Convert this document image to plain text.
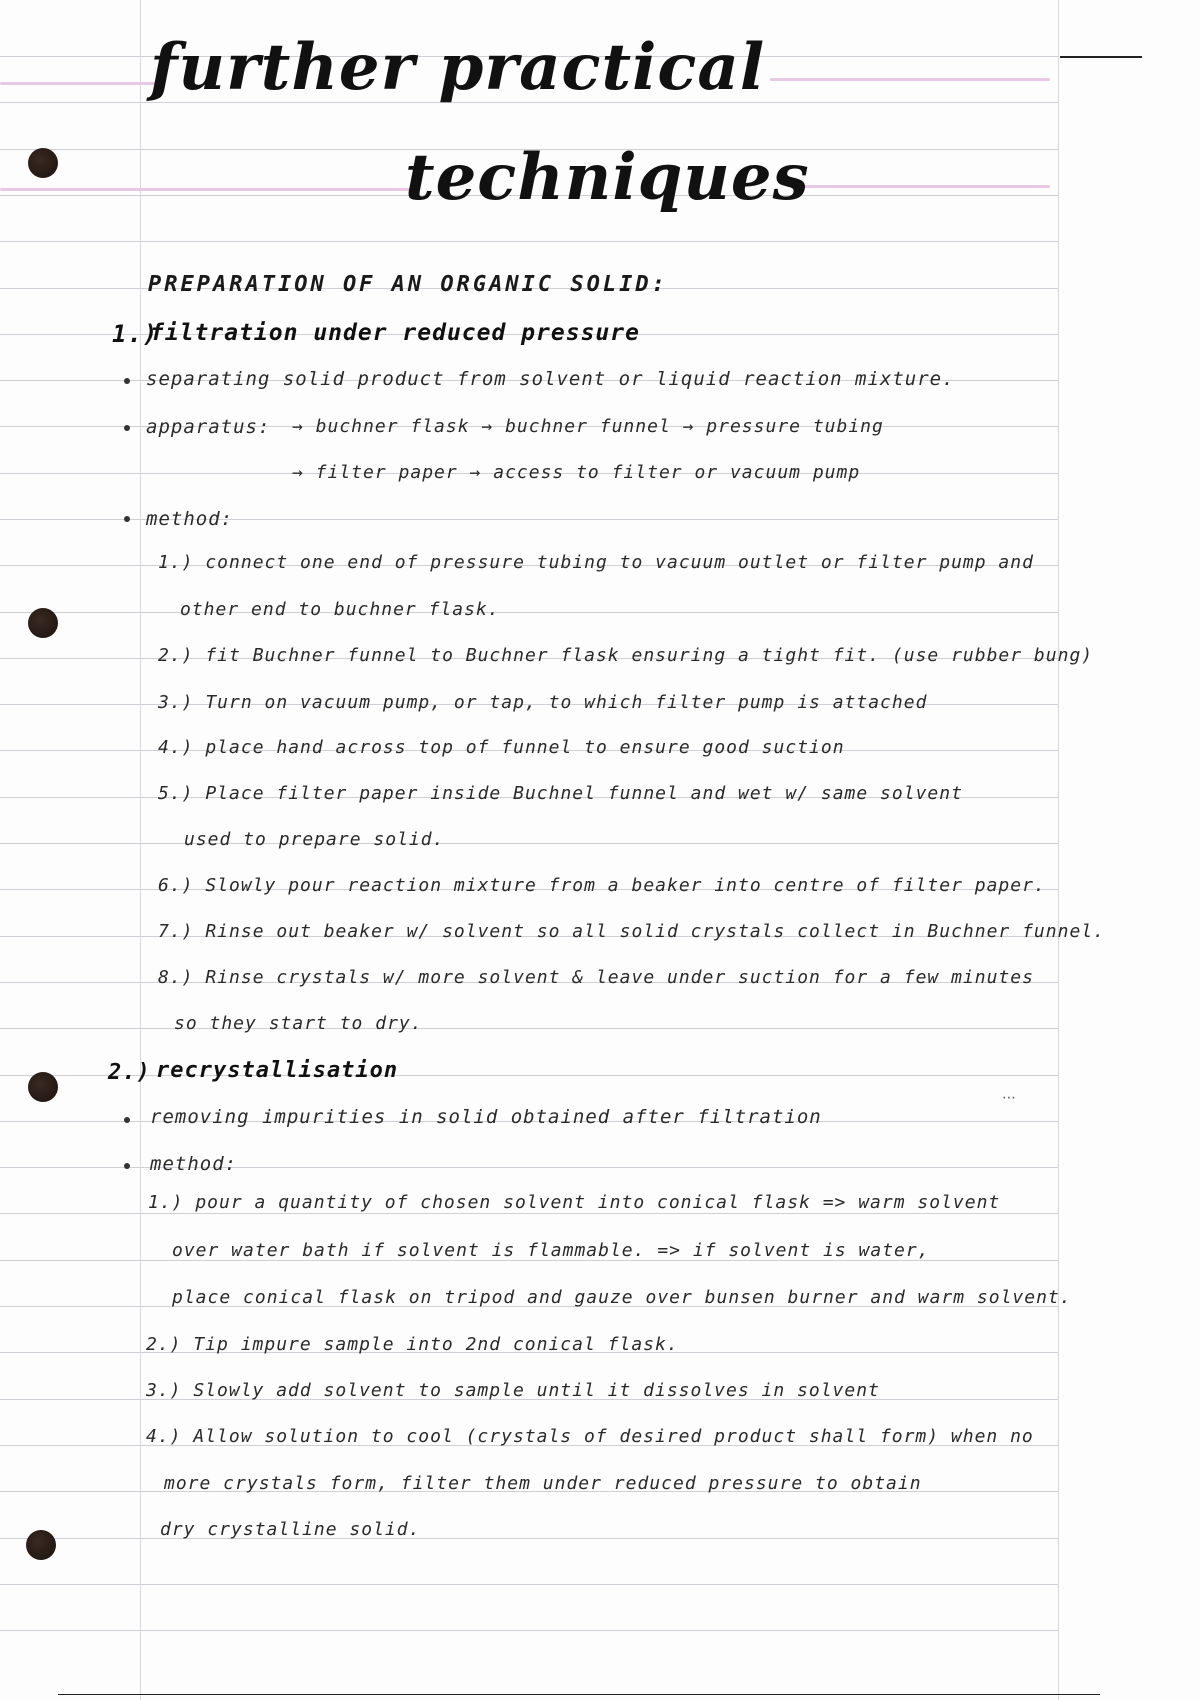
further practical
techniques
PREPARATION OF AN ORGANIC SOLID:
1.)
filtration under reduced pressure
separating solid product from solvent or liquid reaction mixture.
apparatus: → buchner flask → buchner funnel → pressure tubing
→ filter paper → access to filter or vacuum pump
method:
1.) connect one end of pressure tubing to vacuum outlet or filter pump and
other end to buchner flask.
2.) fit Buchner funnel to Buchner flask ensuring a tight fit. (use rubber bung)
3.) Turn on vacuum pump, or tap, to which filter pump is attached
4.) place hand across top of funnel to ensure good suction
5.) Place filter paper inside Buchnel funnel and wet w/ same solvent
used to prepare solid.
6.) Slowly pour reaction mixture from a beaker into centre of filter paper.
7.) Rinse out beaker w/ solvent so all solid crystals collect in Buchner funnel.
8.) Rinse crystals w/ more solvent & leave under suction for a few minutes
so they start to dry.
2.) recrystallisation
removing impurities in solid obtained after filtration
⋯
method:
1.) pour a quantity of chosen solvent into conical flask => warm solvent
over water bath if solvent is flammable. => if solvent is water,
place conical flask on tripod and gauze over bunsen burner and warm solvent.
2.) Tip impure sample into 2nd conical flask.
3.) Slowly add solvent to sample until it dissolves in solvent
4.) Allow solution to cool (crystals of desired product shall form) when no
more crystals form, filter them under reduced pressure to obtain
dry crystalline solid.
